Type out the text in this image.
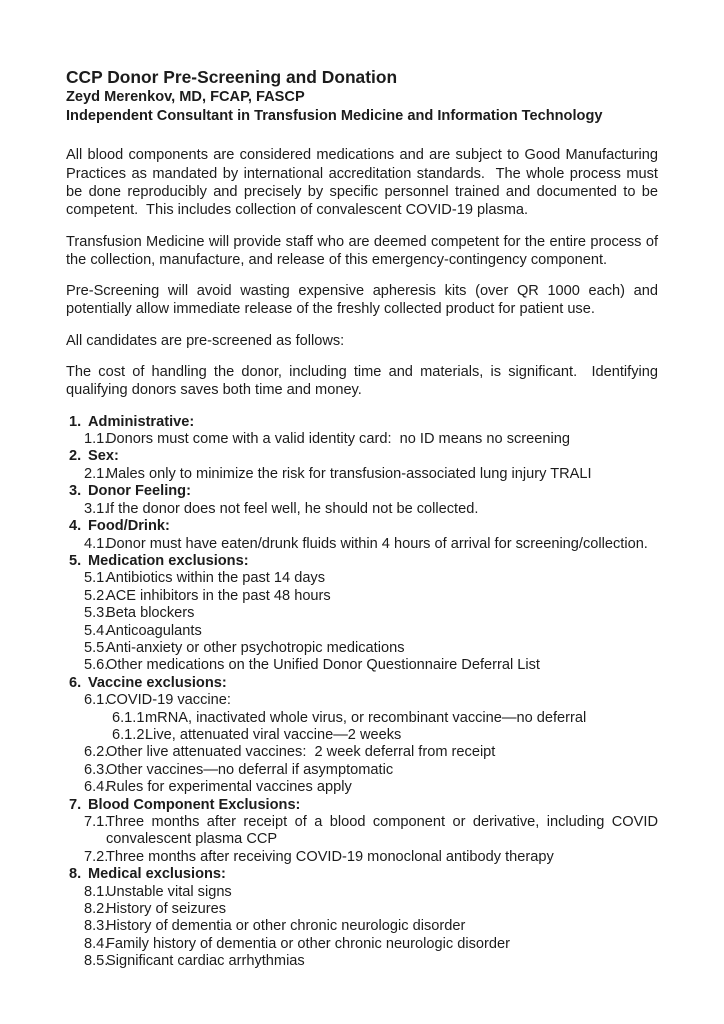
CCP Donor Pre-Screening and Donation
Zeyd Merenkov, MD, FCAP, FASCP
Independent Consultant in Transfusion Medicine and Information Technology

All blood components are considered medications and are subject to Good Manufacturing Practices as mandated by international accreditation standards.  The whole process must be done reproducibly and precisely by specific personnel trained and documented to be competent.  This includes collection of convalescent COVID-19 plasma.

Transfusion Medicine will provide staff who are deemed competent for the entire process of the collection, manufacture, and release of this emergency-contingency component.

Pre-Screening will avoid wasting expensive apheresis kits (over QR 1000 each) and potentially allow immediate release of the freshly collected product for patient use.

All candidates are pre-screened as follows:

The cost of handling the donor, including time and materials, is significant.  Identifying qualifying donors saves both time and money.

1. Administrative:
1.1.
Donors must come with a valid identity card:  no ID means no screening
2. Sex:
2.1.
Males only to minimize the risk for transfusion-associated lung injury TRALI
3. Donor Feeling:
3.1.
If the donor does not feel well, he should not be collected.
4. Food/Drink:
4.1.
Donor must have eaten/drunk fluids within 4 hours of arrival for screening/collection.
5. Medication exclusions:
5.1.
Antibiotics within the past 14 days
5.2.
ACE inhibitors in the past 48 hours
5.3.
Beta blockers
5.4.
Anticoagulants
5.5.
Anti-anxiety or other psychotropic medications
5.6.
Other medications on the Unified Donor Questionnaire Deferral List
6. Vaccine exclusions:
6.1.
COVID-19 vaccine:
6.1.1.
mRNA, inactivated whole virus, or recombinant vaccine—no deferral
6.1.2.
Live, attenuated viral vaccine—2 weeks
6.2.
Other live attenuated vaccines:  2 week deferral from receipt
6.3.
Other vaccines—no deferral if asymptomatic
6.4.
Rules for experimental vaccines apply
7. Blood Component Exclusions:
7.1.
Three months after receipt of a blood component or derivative, including COVID convalescent plasma CCP
7.2.
Three months after receiving COVID-19 monoclonal antibody therapy
8. Medical exclusions:
8.1.
Unstable vital signs
8.2.
History of seizures
8.3.
History of dementia or other chronic neurologic disorder
8.4.
Family history of dementia or other chronic neurologic disorder
8.5.
Significant cardiac arrhythmias
